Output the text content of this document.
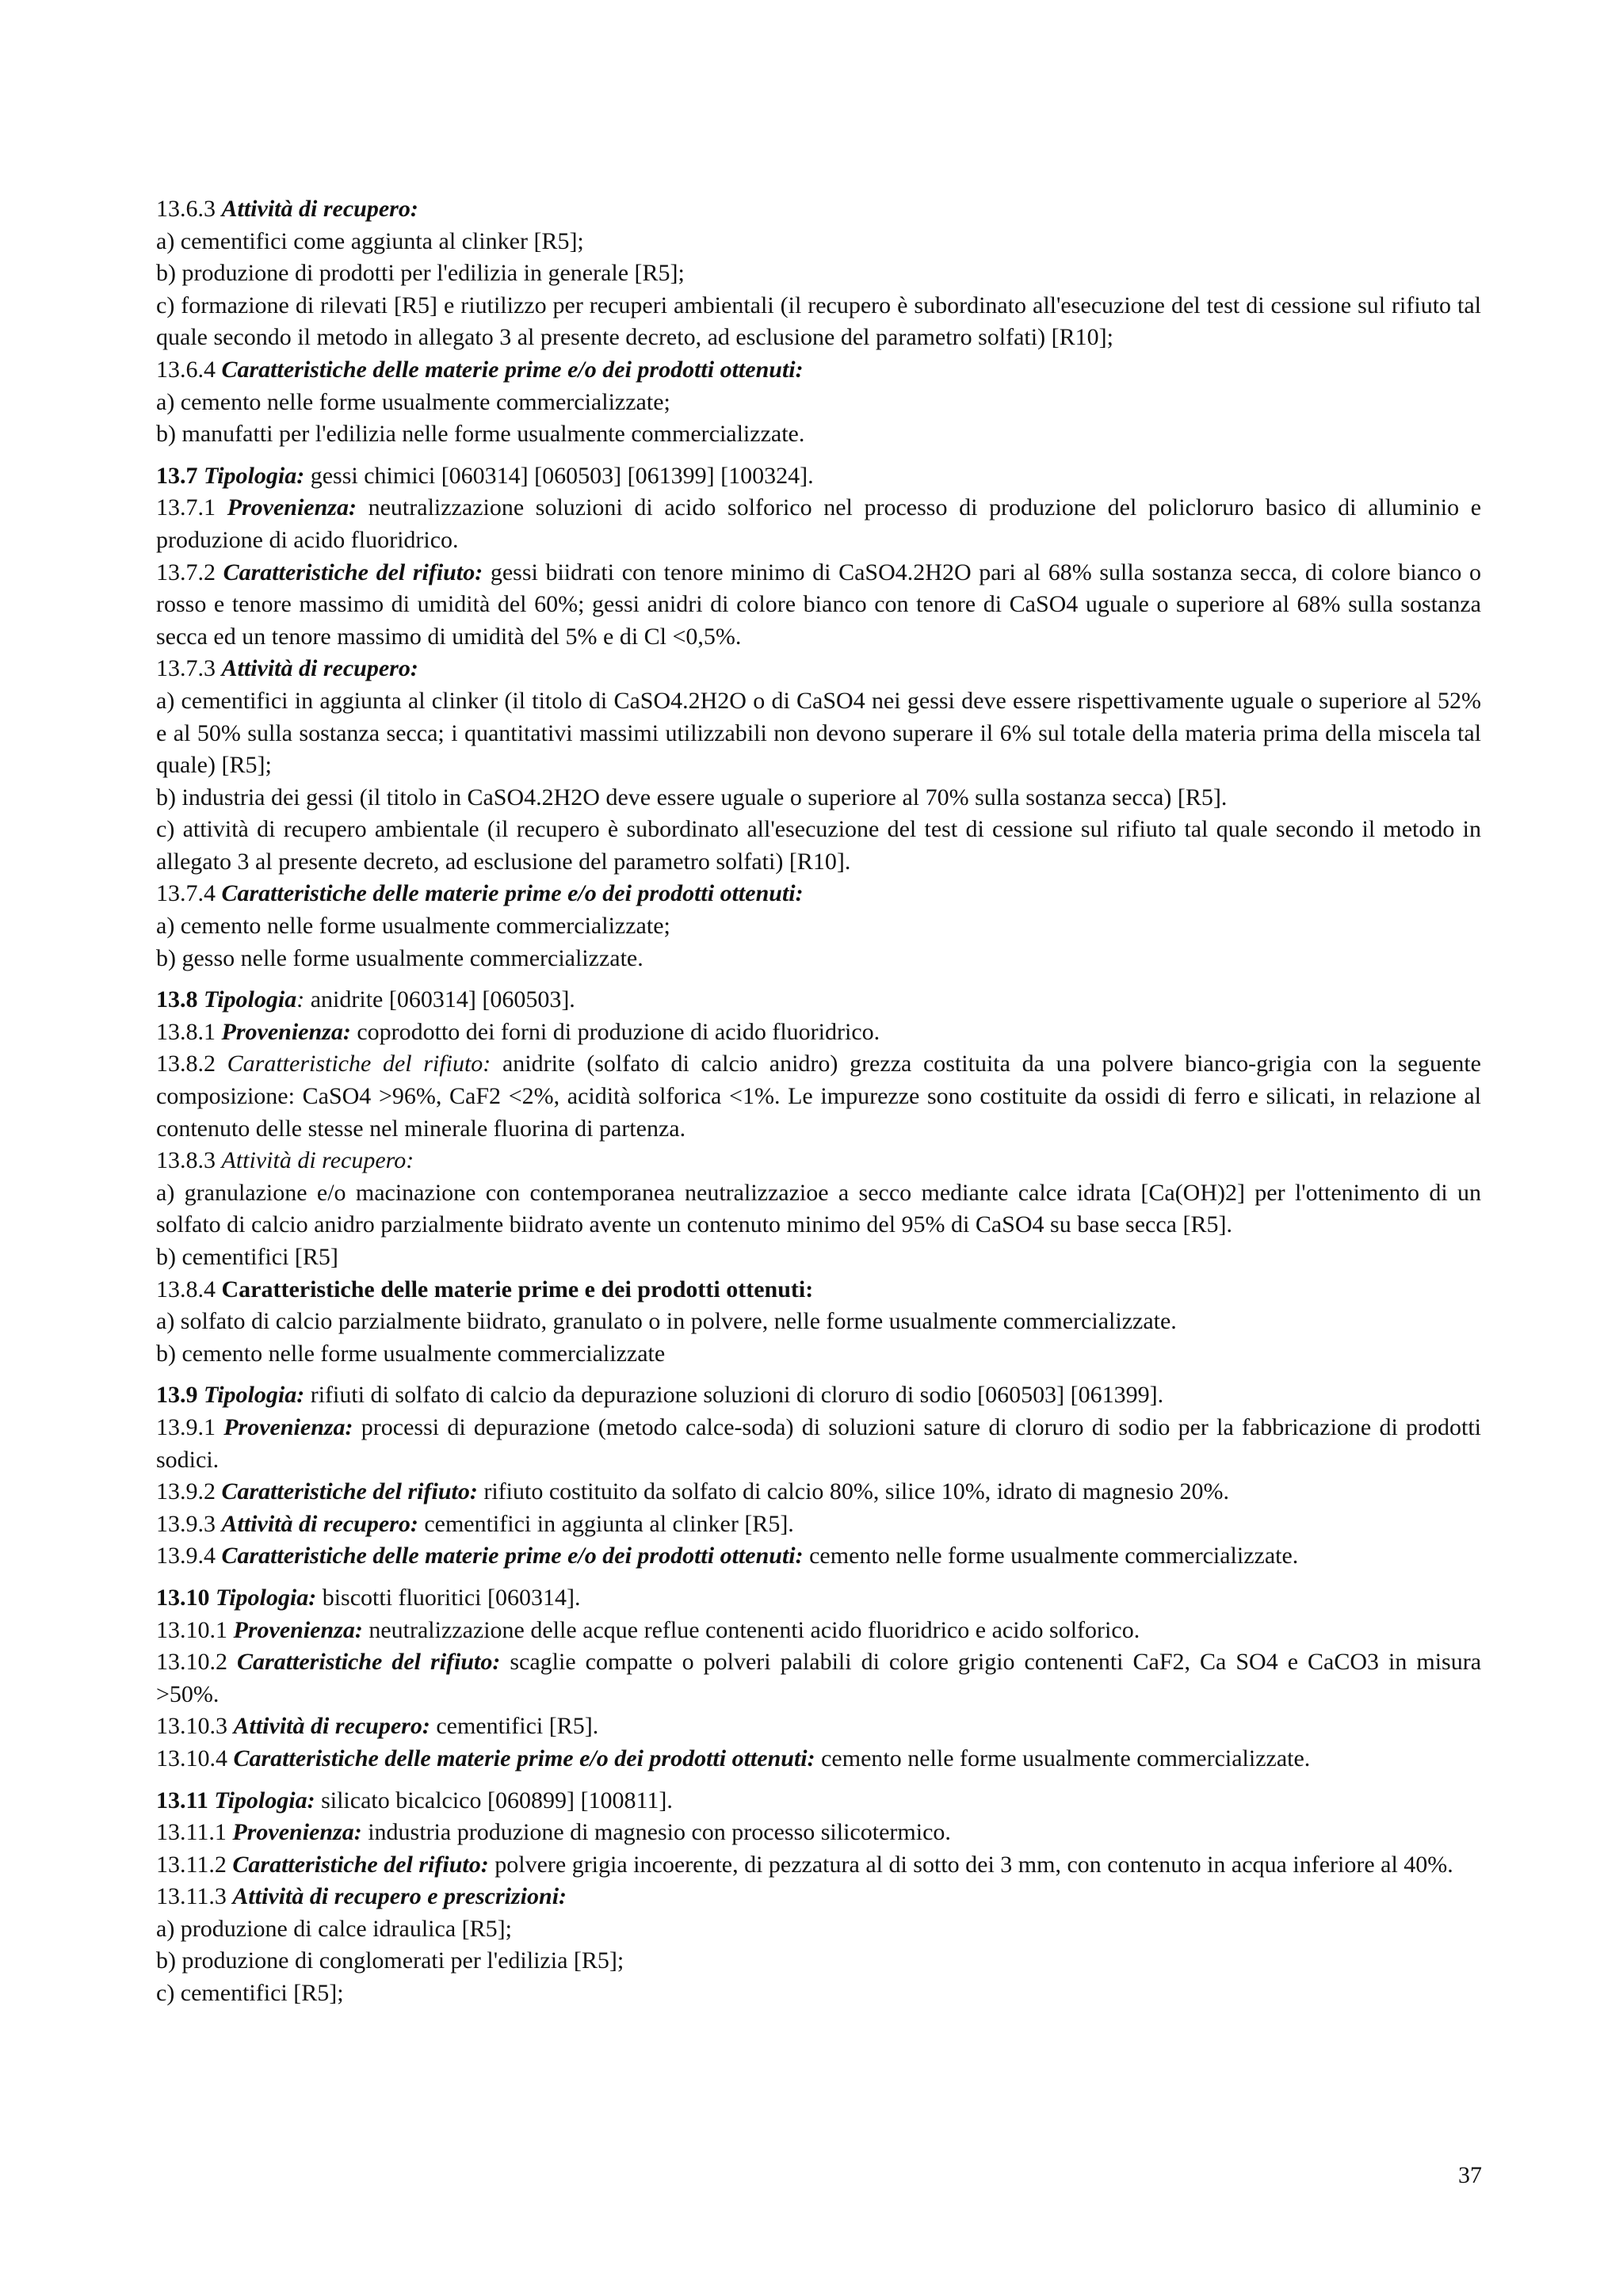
13.6.3 Attività di recupero:

a) cementifici come aggiunta al clinker [R5];

b) produzione di prodotti per l'edilizia in generale [R5];

c) formazione di rilevati [R5] e riutilizzo per recuperi ambientali (il recupero è subordinato all'esecuzione del test di cessione sul rifiuto tal quale secondo il metodo in allegato 3 al presente decreto, ad esclusione del parametro solfati) [R10];

13.6.4 Caratteristiche delle materie prime e/o dei prodotti ottenuti:

a) cemento nelle forme usualmente commercializzate;

b) manufatti per l'edilizia nelle forme usualmente commercializzate.

13.7 Tipologia: gessi chimici [060314] [060503] [061399] [100324].

13.7.1 Provenienza: neutralizzazione soluzioni di acido solforico nel processo di produzione del policloruro basico di alluminio e produzione di acido fluoridrico.

13.7.2 Caratteristiche del rifiuto: gessi biidrati con tenore minimo di CaSO4.2H2O pari al 68% sulla sostanza secca, di colore bianco o rosso e tenore massimo di umidità del 60%; gessi anidri di colore bianco con tenore di CaSO4 uguale o superiore al 68% sulla sostanza secca ed un tenore massimo di umidità del 5% e di Cl <0,5%.

13.7.3 Attività di recupero:

a) cementifici in aggiunta al clinker (il titolo di CaSO4.2H2O o di CaSO4 nei gessi deve essere rispettivamente uguale o superiore al 52% e al 50% sulla sostanza secca; i quantitativi massimi utilizzabili non devono superare il 6% sul totale della materia prima della miscela tal quale) [R5];

b) industria dei gessi (il titolo in CaSO4.2H2O deve essere uguale o superiore al 70% sulla sostanza secca) [R5].

c) attività di recupero ambientale (il recupero è subordinato all'esecuzione del test di cessione sul rifiuto tal quale secondo il metodo in allegato 3 al presente decreto, ad esclusione del parametro solfati) [R10].

13.7.4 Caratteristiche delle materie prime e/o dei prodotti ottenuti:

a) cemento nelle forme usualmente commercializzate;

b) gesso nelle forme usualmente commercializzate.

13.8 Tipologia: anidrite [060314] [060503].

13.8.1 Provenienza: coprodotto dei forni di produzione di acido fluoridrico.

13.8.2 Caratteristiche del rifiuto: anidrite (solfato di calcio anidro) grezza costituita da una polvere bianco-grigia con la seguente composizione: CaSO4 >96%, CaF2 <2%, acidità solforica <1%. Le impurezze sono costituite da ossidi di ferro e silicati, in relazione al contenuto delle stesse nel minerale fluorina di partenza.

13.8.3 Attività di recupero:

a) granulazione e/o macinazione con contemporanea neutralizzazioe a secco mediante calce idrata [Ca(OH)2] per l'ottenimento di un solfato di calcio anidro parzialmente biidrato avente un contenuto minimo del 95% di CaSO4 su base secca [R5].

b) cementifici [R5]

13.8.4 Caratteristiche delle materie prime e dei prodotti ottenuti:

a) solfato di calcio parzialmente biidrato, granulato o in polvere, nelle forme usualmente commercializzate.

b) cemento nelle forme usualmente commercializzate

13.9 Tipologia: rifiuti di solfato di calcio da depurazione soluzioni di cloruro di sodio [060503] [061399].

13.9.1 Provenienza: processi di depurazione (metodo calce-soda) di soluzioni sature di cloruro di sodio per la fabbricazione di prodotti sodici.

13.9.2 Caratteristiche del rifiuto: rifiuto costituito da solfato di calcio 80%, silice 10%, idrato di magnesio 20%.

13.9.3 Attività di recupero: cementifici in aggiunta al clinker [R5].

13.9.4 Caratteristiche delle materie prime e/o dei prodotti ottenuti: cemento nelle forme usualmente commercializzate.

13.10 Tipologia: biscotti fluoritici [060314].

13.10.1 Provenienza: neutralizzazione delle acque reflue contenenti acido fluoridrico e acido solforico.

13.10.2 Caratteristiche del rifiuto: scaglie compatte o polveri palabili di colore grigio contenenti CaF2, Ca SO4 e CaCO3 in misura >50%.

13.10.3 Attività di recupero: cementifici [R5].

13.10.4 Caratteristiche delle materie prime e/o dei prodotti ottenuti: cemento nelle forme usualmente commercializzate.

13.11 Tipologia: silicato bicalcico [060899] [100811].

13.11.1 Provenienza: industria produzione di magnesio con processo silicotermico.

13.11.2 Caratteristiche del rifiuto: polvere grigia incoerente, di pezzatura al di sotto dei 3 mm, con contenuto in acqua inferiore al 40%.

13.11.3 Attività di recupero e prescrizioni:

a) produzione di calce idraulica [R5];

b) produzione di conglomerati per l'edilizia [R5];

c) cementifici [R5];

37
